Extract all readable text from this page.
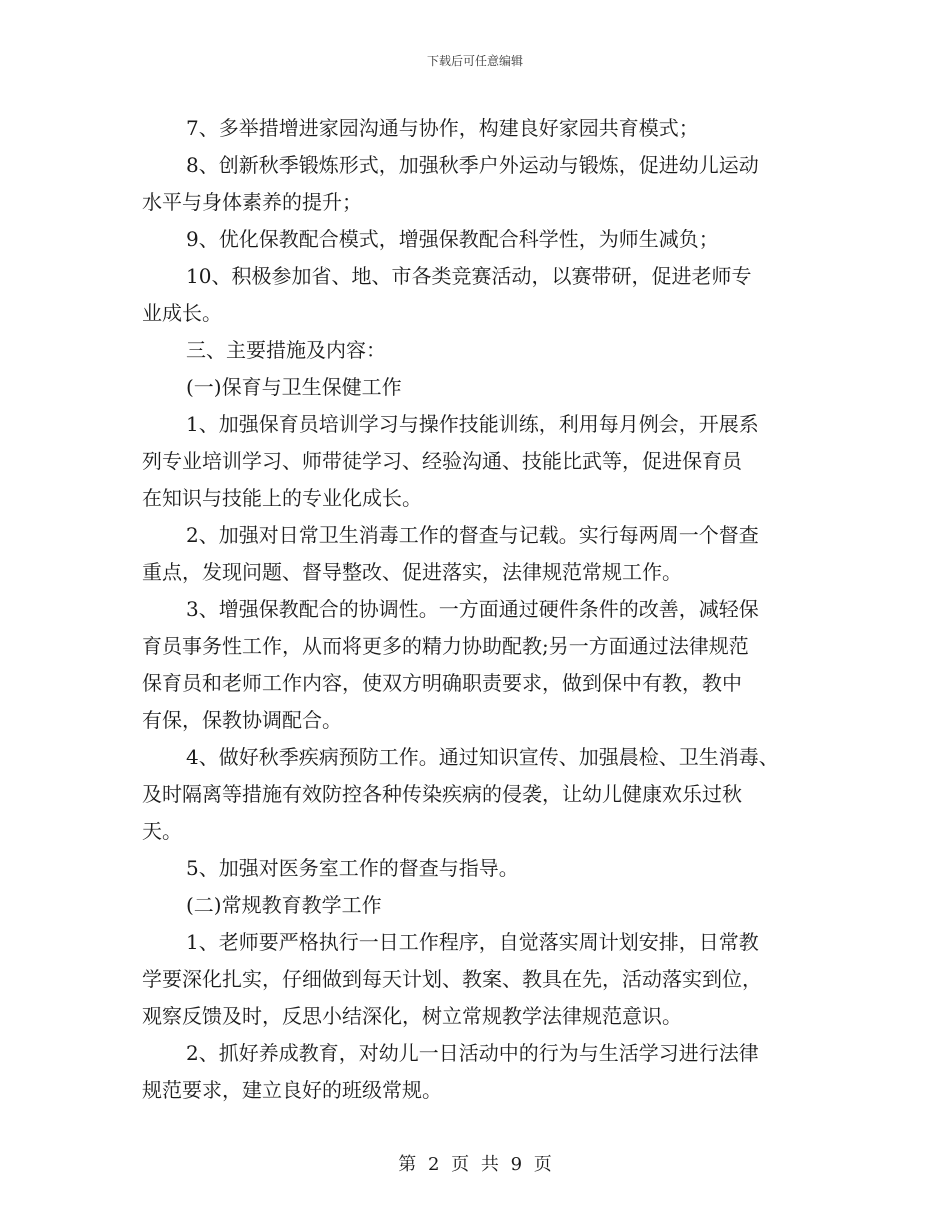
下载后可任意编辑
7、多举措增进家园沟通与协作，构建良好家园共育模式；
8、创新秋季锻炼形式，加强秋季户外运动与锻炼，促进幼儿运动
水平与身体素养的提升；
9、优化保教配合模式，增强保教配合科学性，为师生减负；
10、积极参加省、地、市各类竞赛活动，以赛带研，促进老师专
业成长。
三、主要措施及内容：
(一)保育与卫生保健工作
1、加强保育员培训学习与操作技能训练，利用每月例会，开展系
列专业培训学习、师带徒学习、经验沟通、技能比武等，促进保育员
在知识与技能上的专业化成长。
2、加强对日常卫生消毒工作的督查与记载。实行每两周一个督查
重点，发现问题、督导整改、促进落实，法律规范常规工作。
3、增强保教配合的协调性。一方面通过硬件条件的改善，减轻保
育员事务性工作，从而将更多的精力协助配教;另一方面通过法律规范
保育员和老师工作内容，使双方明确职责要求，做到保中有教，教中
有保，保教协调配合。
4、做好秋季疾病预防工作。通过知识宣传、加强晨检、卫生消毒、
及时隔离等措施有效防控各种传染疾病的侵袭，让幼儿健康欢乐过秋
天。
5、加强对医务室工作的督查与指导。
(二)常规教育教学工作
1、老师要严格执行一日工作程序，自觉落实周计划安排，日常教
学要深化扎实，仔细做到每天计划、教案、教具在先，活动落实到位，
观察反馈及时，反思小结深化，树立常规教学法律规范意识。
2、抓好养成教育，对幼儿一日活动中的行为与生活学习进行法律
规范要求，建立良好的班级常规。
第 2 页 共 9 页
